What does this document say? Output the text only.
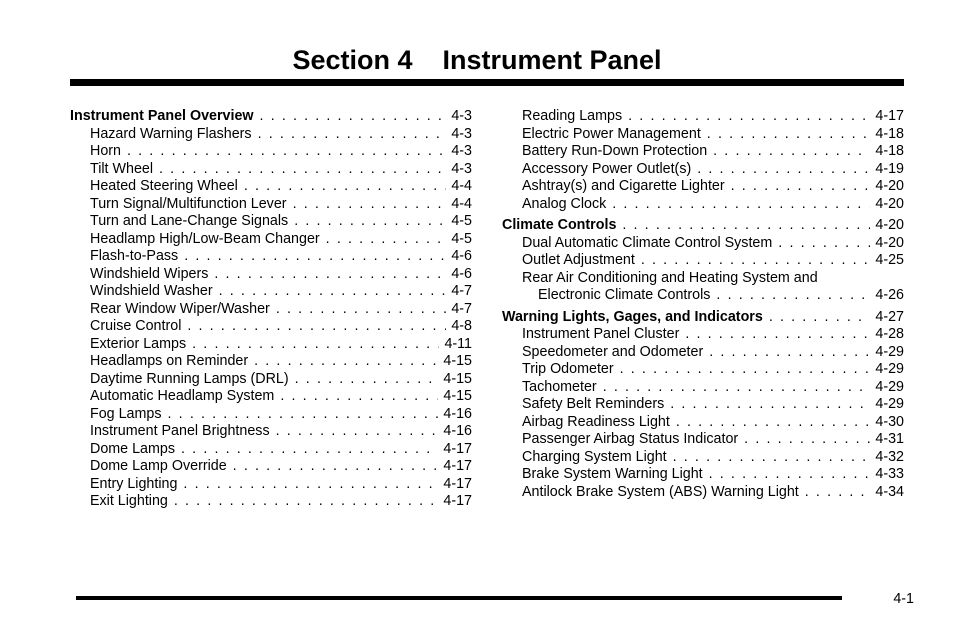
Section 4    Instrument Panel
Instrument Panel Overview . . .	4-3
Hazard Warning Flashers . . .	4-3
Horn . . .	4-3
Tilt Wheel . . .	4-3
Heated Steering Wheel . . .	4-4
Turn Signal/Multifunction Lever . . .	4-4
Turn and Lane-Change Signals . . .	4-5
Headlamp High/Low-Beam Changer . . .	4-5
Flash-to-Pass . . .	4-6
Windshield Wipers . . .	4-6
Windshield Washer . . .	4-7
Rear Window Wiper/Washer . . .	4-7
Cruise Control . . .	4-8
Exterior Lamps . . .	4-11
Headlamps on Reminder . . .	4-15
Daytime Running Lamps (DRL) . . .	4-15
Automatic Headlamp System . . .	4-15
Fog Lamps . . .	4-16
Instrument Panel Brightness . . .	4-16
Dome Lamps . . .	4-17
Dome Lamp Override . . .	4-17
Entry Lighting . . .	4-17
Exit Lighting . . .	4-17
Reading Lamps . . .	4-17
Electric Power Management . . .	4-18
Battery Run-Down Protection . . .	4-18
Accessory Power Outlet(s) . . .	4-19
Ashtray(s) and Cigarette Lighter . . .	4-20
Analog Clock . . .	4-20
Climate Controls . . .	4-20
Dual Automatic Climate Control System . . .	4-20
Outlet Adjustment . . .	4-25
Rear Air Conditioning and Heating System and
Electronic Climate Controls . . .	4-26
Warning Lights, Gages, and Indicators . . .	4-27
Instrument Panel Cluster . . .	4-28
Speedometer and Odometer . . .	4-29
Trip Odometer . . .	4-29
Tachometer . . .	4-29
Safety Belt Reminders . . .	4-29
Airbag Readiness Light . . .	4-30
Passenger Airbag Status Indicator . . .	4-31
Charging System Light . . .	4-32
Brake System Warning Light . . .	4-33
Antilock Brake System (ABS) Warning Light . . .	4-34
4-1
